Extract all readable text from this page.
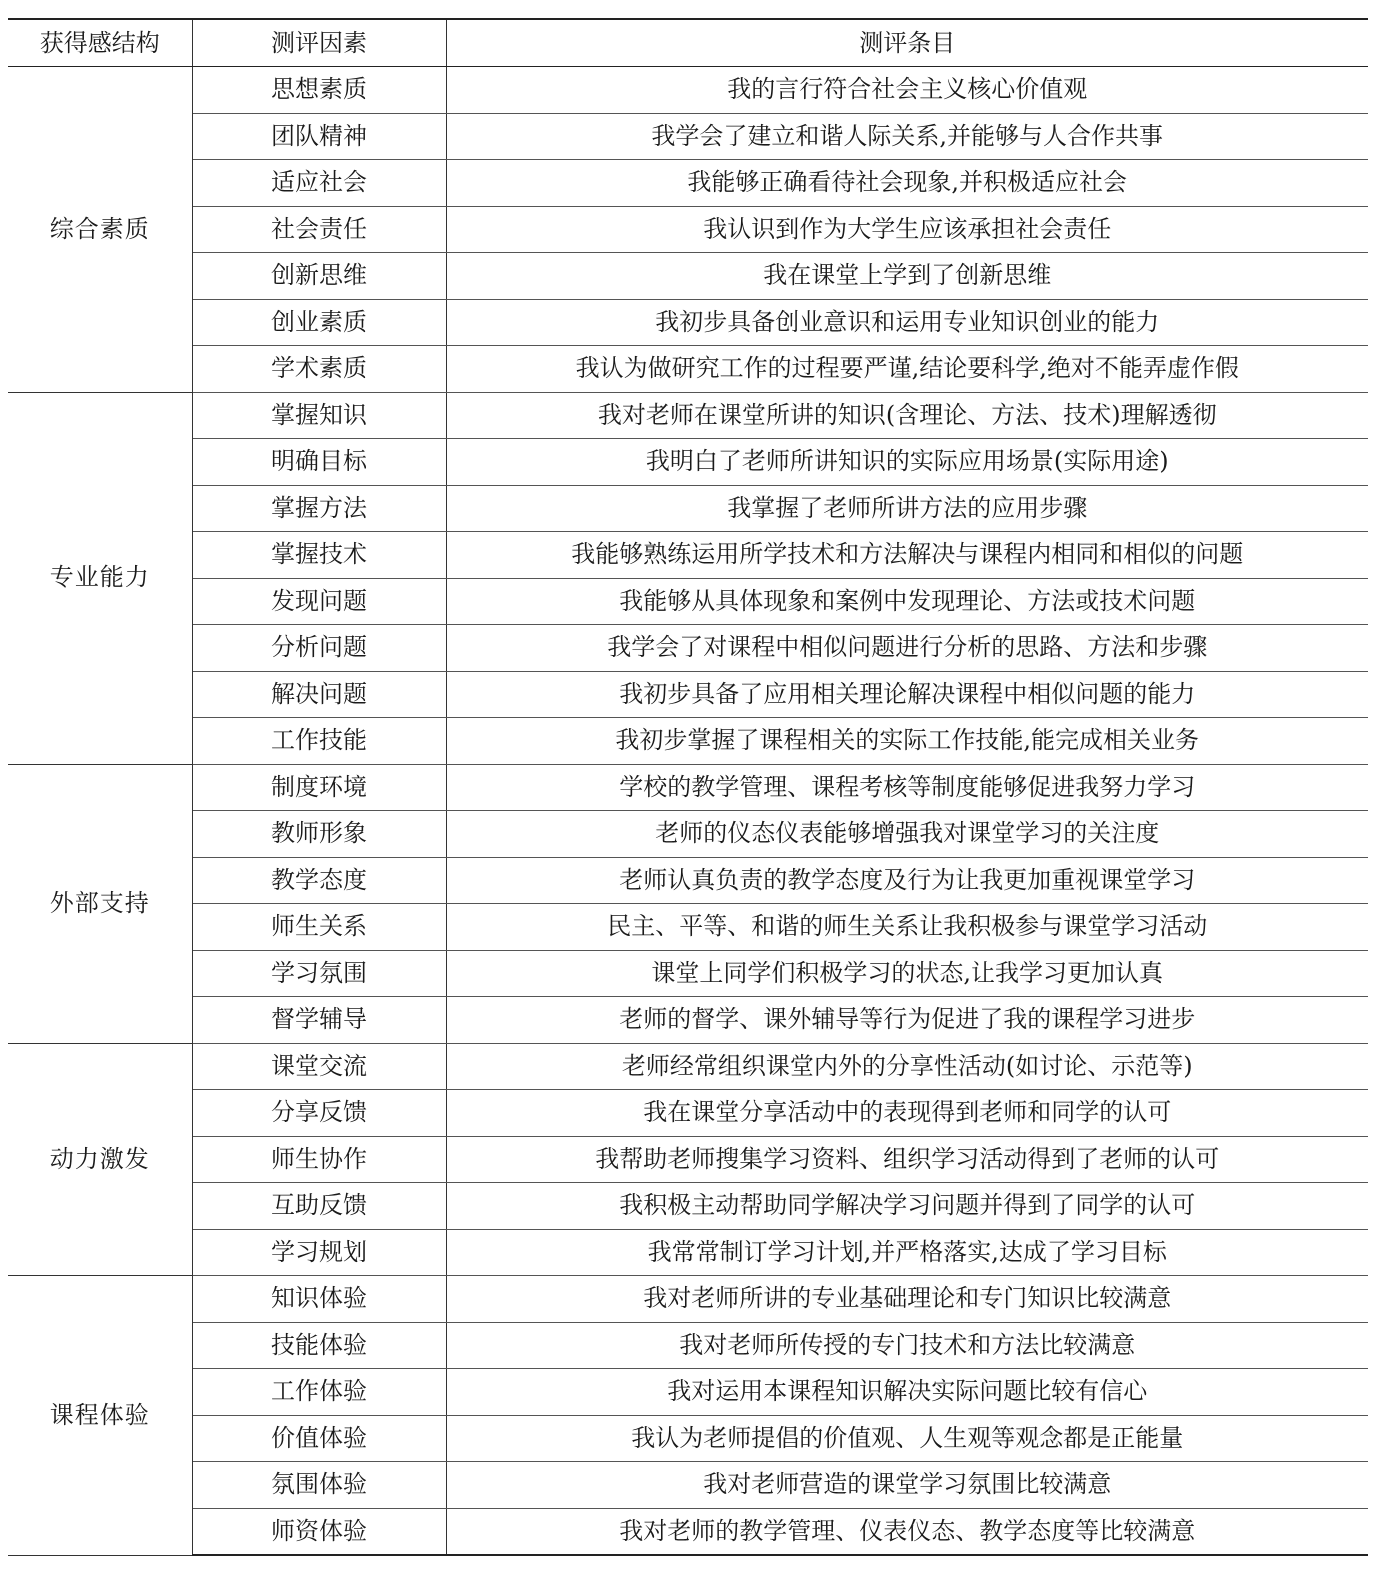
获得感结构	测评因素	测评条目
综合素质	思想素质	我的言行符合社会主义核心价值观
	团队精神	我学会了建立和谐人际关系,并能够与人合作共事
	适应社会	我能够正确看待社会现象,并积极适应社会
	社会责任	我认识到作为大学生应该承担社会责任
	创新思维	我在课堂上学到了创新思维
	创业素质	我初步具备创业意识和运用专业知识创业的能力
	学术素质	我认为做研究工作的过程要严谨,结论要科学,绝对不能弄虚作假
专业能力	掌握知识	我对老师在课堂所讲的知识(含理论、方法、技术)理解透彻
	明确目标	我明白了老师所讲知识的实际应用场景(实际用途)
	掌握方法	我掌握了老师所讲方法的应用步骤
	掌握技术	我能够熟练运用所学技术和方法解决与课程内相同和相似的问题
	发现问题	我能够从具体现象和案例中发现理论、方法或技术问题
	分析问题	我学会了对课程中相似问题进行分析的思路、方法和步骤
	解决问题	我初步具备了应用相关理论解决课程中相似问题的能力
	工作技能	我初步掌握了课程相关的实际工作技能,能完成相关业务
外部支持	制度环境	学校的教学管理、课程考核等制度能够促进我努力学习
	教师形象	老师的仪态仪表能够增强我对课堂学习的关注度
	教学态度	老师认真负责的教学态度及行为让我更加重视课堂学习
	师生关系	民主、平等、和谐的师生关系让我积极参与课堂学习活动
	学习氛围	课堂上同学们积极学习的状态,让我学习更加认真
	督学辅导	老师的督学、课外辅导等行为促进了我的课程学习进步
动力激发	课堂交流	老师经常组织课堂内外的分享性活动(如讨论、示范等)
	分享反馈	我在课堂分享活动中的表现得到老师和同学的认可
	师生协作	我帮助老师搜集学习资料、组织学习活动得到了老师的认可
	互助反馈	我积极主动帮助同学解决学习问题并得到了同学的认可
	学习规划	我常常制订学习计划,并严格落实,达成了学习目标
课程体验	知识体验	我对老师所讲的专业基础理论和专门知识比较满意
	技能体验	我对老师所传授的专门技术和方法比较满意
	工作体验	我对运用本课程知识解决实际问题比较有信心
	价值体验	我认为老师提倡的价值观、人生观等观念都是正能量
	氛围体验	我对老师营造的课堂学习氛围比较满意
	师资体验	我对老师的教学管理、仪表仪态、教学态度等比较满意
